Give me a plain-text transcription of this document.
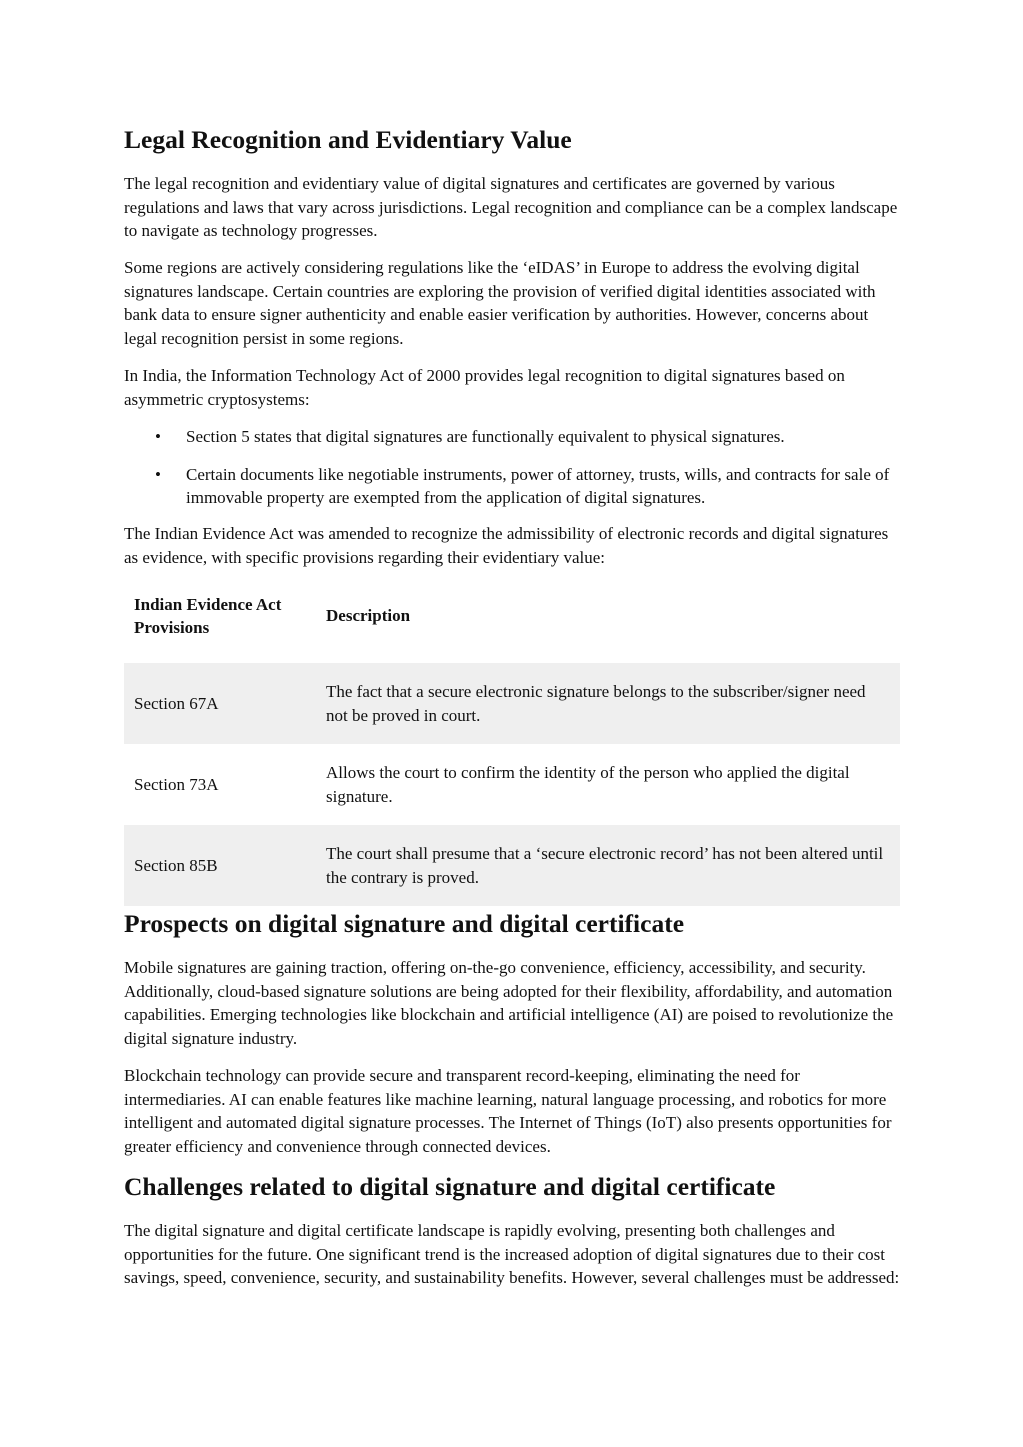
Legal Recognition and Evidentiary Value

The legal recognition and evidentiary value of digital signatures and certificates are governed by various regulations and laws that vary across jurisdictions. Legal recognition and compliance can be a complex landscape to navigate as technology progresses.

Some regions are actively considering regulations like the ‘eIDAS’ in Europe to address the evolving digital signatures landscape. Certain countries are exploring the provision of verified digital identities associated with bank data to ensure signer authenticity and enable easier verification by authorities. However, concerns about legal recognition persist in some regions.

In India, the Information Technology Act of 2000 provides legal recognition to digital signatures based on asymmetric cryptosystems:

• Section 5 states that digital signatures are functionally equivalent to physical signatures.
• Certain documents like negotiable instruments, power of attorney, trusts, wills, and contracts for sale of immovable property are exempted from the application of digital signatures.

The Indian Evidence Act was amended to recognize the admissibility of electronic records and digital signatures as evidence, with specific provisions regarding their evidentiary value:

Indian Evidence Act Provisions	Description

Section 67A	The fact that a secure electronic signature belongs to the subscriber/signer need not be proved in court.
Section 73A	Allows the court to confirm the identity of the person who applied the digital signature.
Section 85B	The court shall presume that a ‘secure electronic record’ has not been altered until the contrary is proved.
Prospects on digital signature and digital certificate

Mobile signatures are gaining traction, offering on-the-go convenience, efficiency, accessibility, and security. Additionally, cloud-based signature solutions are being adopted for their flexibility, affordability, and automation capabilities. Emerging technologies like blockchain and artificial intelligence (AI) are poised to revolutionize the digital signature industry.

Blockchain technology can provide secure and transparent record-keeping, eliminating the need for intermediaries. AI can enable features like machine learning, natural language processing, and robotics for more intelligent and automated digital signature processes. The Internet of Things (IoT) also presents opportunities for greater efficiency and convenience through connected devices.

Challenges related to digital signature and digital certificate

The digital signature and digital certificate landscape is rapidly evolving, presenting both challenges and opportunities for the future. One significant trend is the increased adoption of digital signatures due to their cost savings, speed, convenience, security, and sustainability benefits. However, several challenges must be addressed:
